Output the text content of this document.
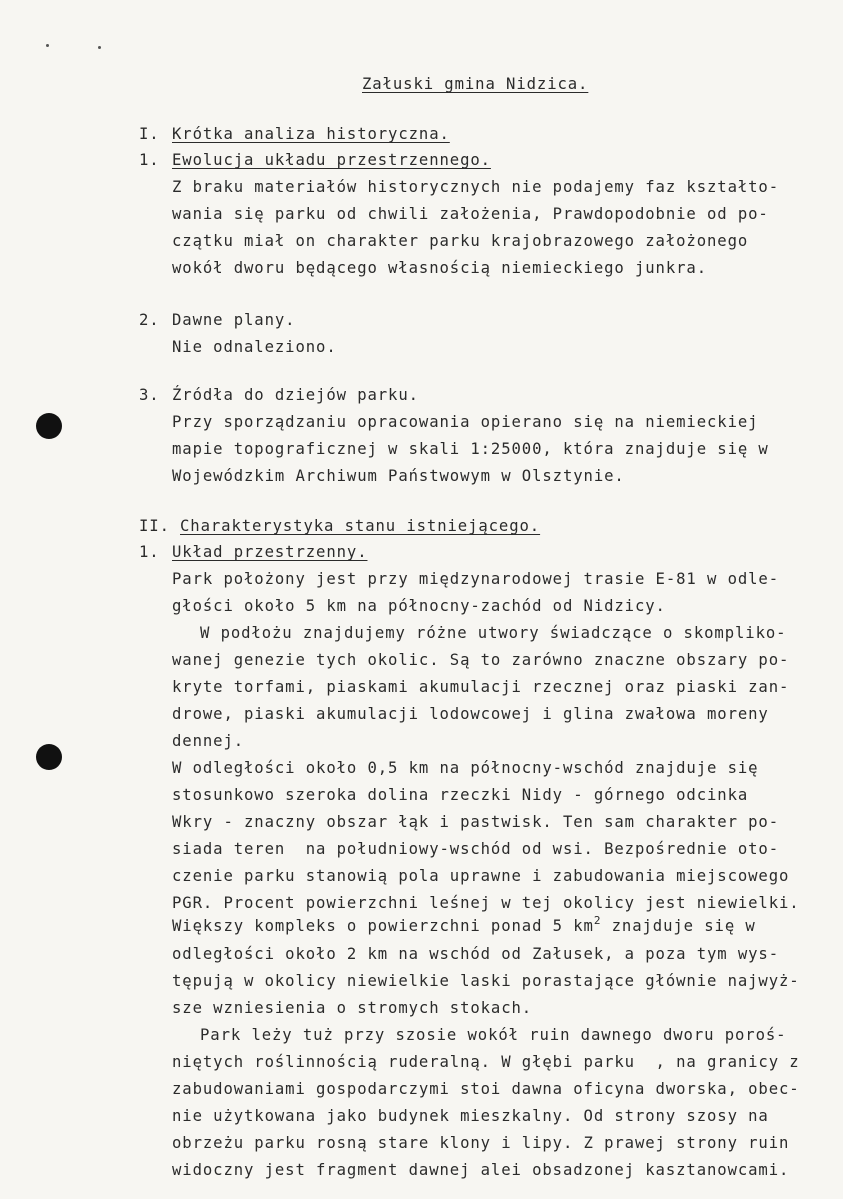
Załuski gmina Nidzica.
I. Krótka analiza historyczna.
1. Ewolucja układu przestrzennego.
Z braku materiałów historycznych nie podajemy faz kształto-
wania się parku od chwili założenia, Prawdopodobnie od po-
czątku miał on charakter parku krajobrazowego założonego
wokół dworu będącego własnością niemieckiego junkra.
2. Dawne plany.
Nie odnaleziono.
3. Źródła do dziejów parku.
Przy sporządzaniu opracowania opierano się na niemieckiej
mapie topograficznej w skali 1:25000, która znajduje się w
Wojewódzkim Archiwum Państwowym w Olsztynie.
II. Charakterystyka stanu istniejącego.
1. Układ przestrzenny.
Park położony jest przy międzynarodowej trasie E-81 w odle-
głości około 5 km na północny-zachód od Nidzicy.
W podłożu znajdujemy różne utwory świadczące o skompliko-
wanej genezie tych okolic. Są to zarówno znaczne obszary po-
kryte torfami, piaskami akumulacji rzecznej oraz piaski zan-
drowe, piaski akumulacji lodowcowej i glina zwałowa moreny
dennej.
W odległości około 0,5 km na północny-wschód znajduje się
stosunkowo szeroka dolina rzeczki Nidy - górnego odcinka
Wkry - znaczny obszar łąk i pastwisk. Ten sam charakter po-
siada teren  na południowy-wschód od wsi. Bezpośrednie oto-
czenie parku stanowią pola uprawne i zabudowania miejscowego
PGR. Procent powierzchni leśnej w tej okolicy jest niewielki.
Większy kompleks o powierzchni ponad 5 $km^2$ znajduje się w
odległości około 2 km na wschód od Załusek, a poza tym wys-
tępują w okolicy niewielkie laski porastające głównie najwyż-
sze wzniesienia o stromych stokach.
Park leży tuż przy szosie wokół ruin dawnego dworu poroś-
niętych roślinnością ruderalną. W głębi parku  , na granicy z
zabudowaniami gospodarczymi stoi dawna oficyna dworska, obec-
nie użytkowana jako budynek mieszkalny. Od strony szosy na
obrzeżu parku rosną stare klony i lipy. Z prawej strony ruin
widoczny jest fragment dawnej alei obsadzonej kasztanowcami.
